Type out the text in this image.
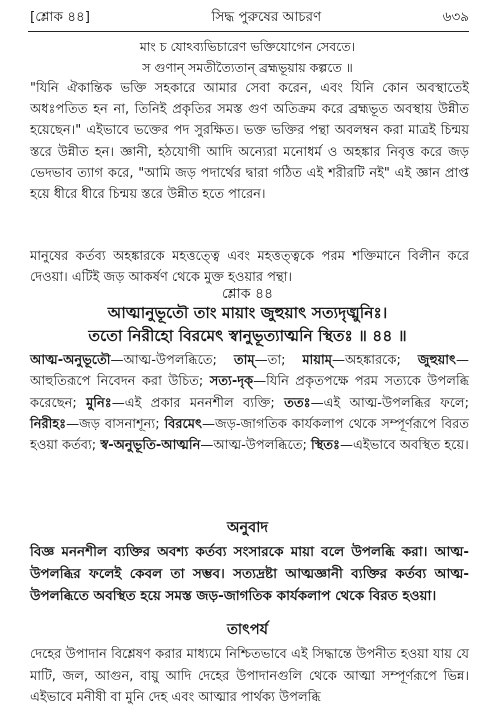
[শ্লোক ৪৪]	সিদ্ধ পুরুষের আচরণ	৬৩৯
মাং চ যোঽব্যভিচারেণ ভক্তিযোগেন সেবতে।
স গুণান্ সমতীত্যৈতান্ ব্রহ্মভূয়ায় কল্পতে ॥
"যিনি ঐকান্তিক ভক্তি সহকারে আমার সেবা করেন, এবং যিনি কোন অবস্থাতেই অধঃপতিত হন না, তিনিই প্রকৃতির সমস্ত গুণ অতিক্রম করে ব্রহ্মভূত অবস্থায় উন্নীত হয়েছেন।" এইভাবে ভক্তের পদ সুরক্ষিত। ভক্ত ভক্তির পন্থা অবলম্বন করা মাত্রই চিন্ময় স্তরে উন্নীত হন। জ্ঞানী, হঠযোগী আদি অন্যেরা মনোধর্ম ও অহঙ্কার নিবৃত্ত করে জড় ভেদভাব ত্যাগ করে, "আমি জড় পদার্থের দ্বারা গঠিত এই শরীরটি নই" এই জ্ঞান প্রাপ্ত হয়ে ধীরে ধীরে চিন্ময় স্তরে উন্নীত হতে পারেন।
মানুষের কর্তব্য অহঙ্কারকে মহত্তত্ত্বে এবং মহত্তত্ত্বকে পরম শক্তিমানে বিলীন করে দেওয়া। এটিই জড় আকর্ষণ থেকে মুক্ত হওয়ার পন্থা।
শ্লোক ৪৪
আত্মানুভূতৌ তাং মায়াং জুহুয়াৎ সত্যদৃঙ্মুনিঃ।
ততো নিরীহো বিরমেৎ স্বানুভূত্যাত্মনি স্থিতঃ ॥ ৪৪ ॥
আত্ম-অনুভূতৌ—আত্ম-উপলব্ধিতে; তাম্—তা; মায়াম্—অহঙ্কারকে; জুহুয়াৎ—আহুতিরূপে নিবেদন করা উচিত; সত্য-দৃক্—যিনি প্রকৃতপক্ষে পরম সত্যকে উপলব্ধি করেছেন; মুনিঃ—এই প্রকার মননশীল ব্যক্তি; ততঃ—এই আত্ম-উপলব্ধির ফলে; নিরীহঃ—জড় বাসনাশূন্য; বিরমেৎ—জড়-জাগতিক কার্যকলাপ থেকে সম্পূর্ণরূপে বিরত হওয়া কর্তব্য; স্ব-অনুভূতি-আত্মনি—আত্ম-উপলব্ধিতে; স্থিতঃ—এইভাবে অবস্থিত হয়ে।
অনুবাদ
বিজ্ঞ মননশীল ব্যক্তির অবশ্য কর্তব্য সংসারকে মায়া বলে উপলব্ধি করা। আত্ম-উপলব্ধির ফলেই কেবল তা সম্ভব। সত্যদ্রষ্টা আত্মজ্ঞানী ব্যক্তির কর্তব্য আত্ম-উপলব্ধিতে অবস্থিত হয়ে সমস্ত জড়-জাগতিক কার্যকলাপ থেকে বিরত হওয়া।
তাৎপর্য
দেহের উপাদান বিশ্লেষণ করার মাধ্যমে নিশ্চিতভাবে এই সিদ্ধান্তে উপনীত হওয়া যায় যে মাটি, জল, আগুন, বায়ু আদি দেহের উপাদানগুলি থেকে আত্মা সম্পূর্ণরূপে ভিন্ন। এইভাবে মনীষী বা মুনি দেহ এবং আত্মার পার্থক্য উপলব্ধি
